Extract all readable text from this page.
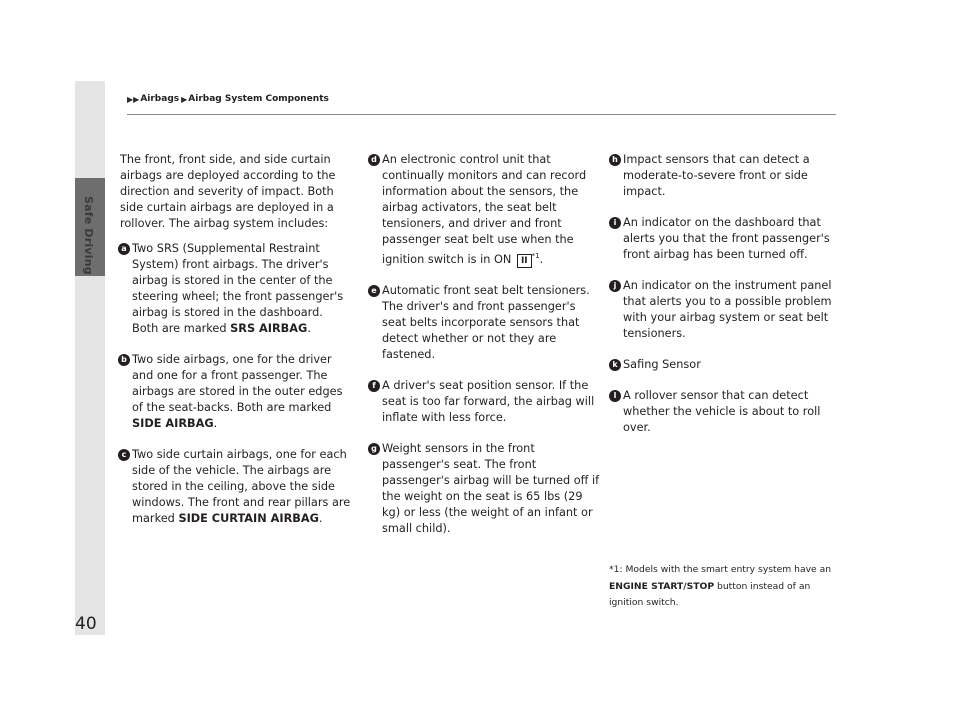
Safe Driving
▶▶ Airbags ▶ Airbag System Components

The front, front side, and side curtain airbags are deployed according to the direction and severity of impact. Both side curtain airbags are deployed in a rollover. The airbag system includes:

a Two SRS (Supplemental Restraint System) front airbags. The driver's airbag is stored in the center of the steering wheel; the front passenger's airbag is stored in the dashboard. Both are marked SRS AIRBAG.
b Two side airbags, one for the driver and one for a front passenger. The airbags are stored in the outer edges of the seat-backs. Both are marked SIDE AIRBAG.
c Two side curtain airbags, one for each side of the vehicle. The airbags are stored in the ceiling, above the side windows. The front and rear pillars are marked SIDE CURTAIN AIRBAG.
d An electronic control unit that continually monitors and can record information about the sensors, the airbag activators, the seat belt tensioners, and driver and front passenger seat belt use when the ignition switch is in ON II $^{*1}$.
e Automatic front seat belt tensioners. The driver's and front passenger's seat belts incorporate sensors that detect whether or not they are fastened.
f A driver's seat position sensor. If the seat is too far forward, the airbag will inflate with less force.
g Weight sensors in the front passenger's seat. The front passenger's airbag will be turned off if the weight on the seat is 65 lbs (29 kg) or less (the weight of an infant or small child).
h Impact sensors that can detect a moderate-to-severe front or side impact.
i An indicator on the dashboard that alerts you that the front passenger's front airbag has been turned off.
j An indicator on the instrument panel that alerts you to a possible problem with your airbag system or seat belt tensioners.
k Safing Sensor
l A rollover sensor that can detect whether the vehicle is about to roll over.
*1: Models with the smart entry system have an ENGINE START/STOP button instead of an ignition switch.
40
